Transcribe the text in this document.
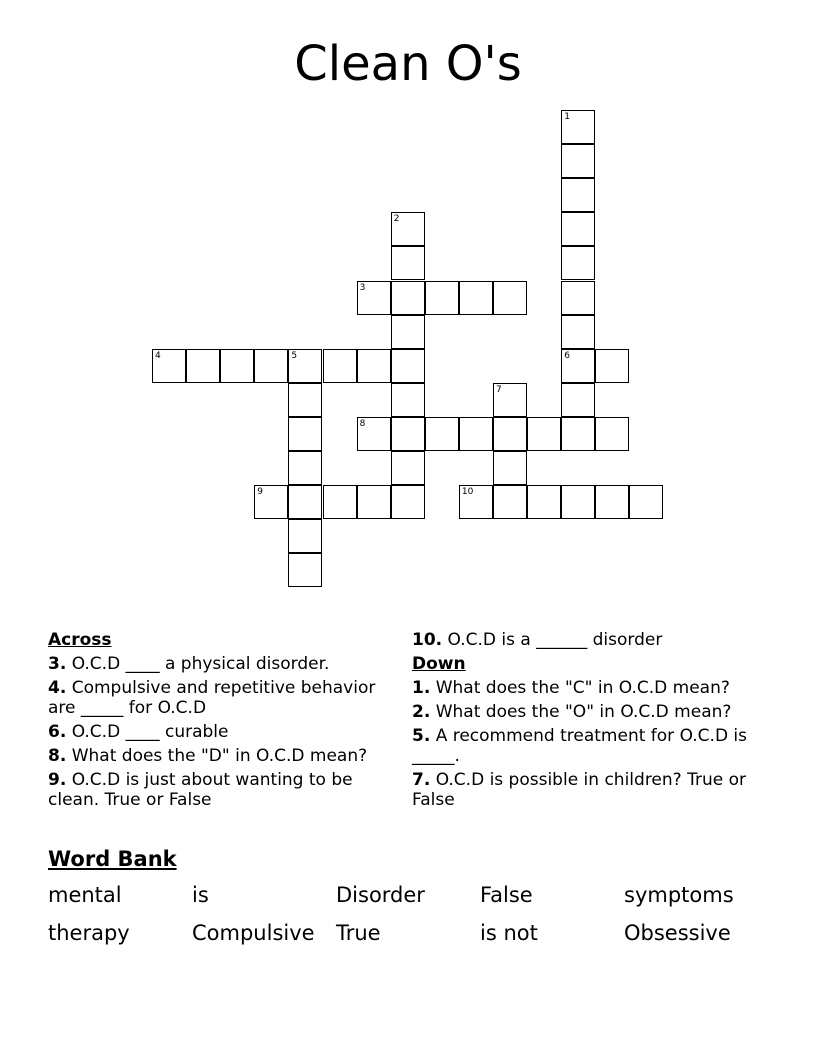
Clean O's
1
6
2
3
4	5
7
8
9	10
Across
3. O.C.D ____ a physical disorder.
4. Compulsive and repetitive behavior are _____ for O.C.D
6. O.C.D ____ curable
8. What does the "D" in O.C.D mean?
9. O.C.D is just about wanting to be clean. True or False
10. O.C.D is a ______ disorder
Down
1. What does the "C" in O.C.D mean?
2. What does the "O" in O.C.D mean?
5. A recommend treatment for O.C.D is _____.
7. O.C.D is possible in children? True or False
Word Bank
mental	is	Disorder	False	symptoms
therapy	Compulsive	True	is not	Obsessive
